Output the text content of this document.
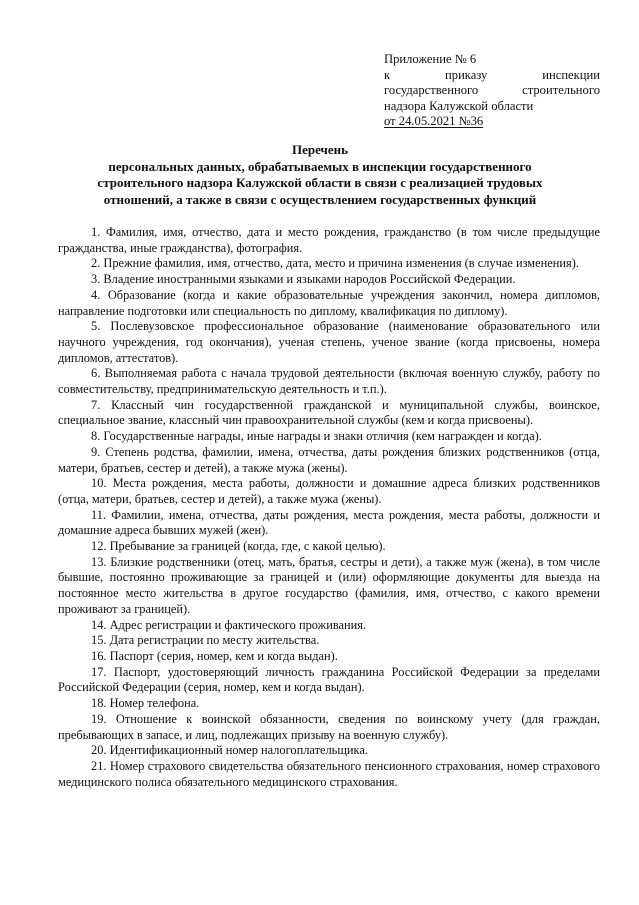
Приложение № 6
к	приказу	инспекции
государственного	строительного
надзора Калужской области
от 24.05.2021 №36
Перечень
персональных данных, обрабатываемых в инспекции государственного
строительного надзора Калужской области в связи с реализацией трудовых
отношений, а также в связи с осуществлением государственных функций

1. Фамилия, имя, отчество, дата и место рождения, гражданство (в том числе предыдущие гражданства, иные гражданства), фотография.

2. Прежние фамилия, имя, отчество, дата, место и причина изменения (в случае изменения).

3. Владение иностранными языками и языками народов Российской Федерации.

4. Образование (когда и какие образовательные учреждения закончил, номера дипломов, направление подготовки или специальность по диплому, квалификация по диплому).

5. Послевузовское профессиональное образование (наименование образовательного или научного учреждения, год окончания), ученая степень, ученое звание (когда присвоены, номера дипломов, аттестатов).

6. Выполняемая работа с начала трудовой деятельности (включая военную службу, работу по совместительству, предпринимательскую деятельность и т.п.).

7. Классный чин государственной гражданской и муниципальной службы, воинское, специальное звание, классный чин правоохранительной службы (кем и когда присвоены).

8. Государственные награды, иные награды и знаки отличия (кем награжден и когда).

9. Степень родства, фамилии, имена, отчества, даты рождения близких родственников (отца, матери, братьев, сестер и детей), а также мужа (жены).

10. Места рождения, места работы, должности и домашние адреса близких родственников (отца, матери, братьев, сестер и детей), а также мужа (жены).

11. Фамилии, имена, отчества, даты рождения, места рождения, места работы, должности и домашние адреса бывших мужей (жен).

12. Пребывание за границей (когда, где, с какой целью).

13. Близкие родственники (отец, мать, братья, сестры и дети), а также муж (жена), в том числе бывшие, постоянно проживающие за границей и (или) оформляющие документы для выезда на постоянное место жительства в другое государство (фамилия, имя, отчество, с какого времени проживают за границей).

14. Адрес регистрации и фактического проживания.

15. Дата регистрации по месту жительства.

16. Паспорт (серия, номер, кем и когда выдан).

17. Паспорт, удостоверяющий личность гражданина Российской Федерации за пределами Российской Федерации (серия, номер, кем и когда выдан).

18. Номер телефона.

19. Отношение к воинской обязанности, сведения по воинскому учету (для граждан, пребывающих в запасе, и лиц, подлежащих призыву на военную службу).

20. Идентификационный номер налогоплательщика.

21. Номер страхового свидетельства обязательного пенсионного страхования, номер страхового медицинского полиса обязательного медицинского страхования.
